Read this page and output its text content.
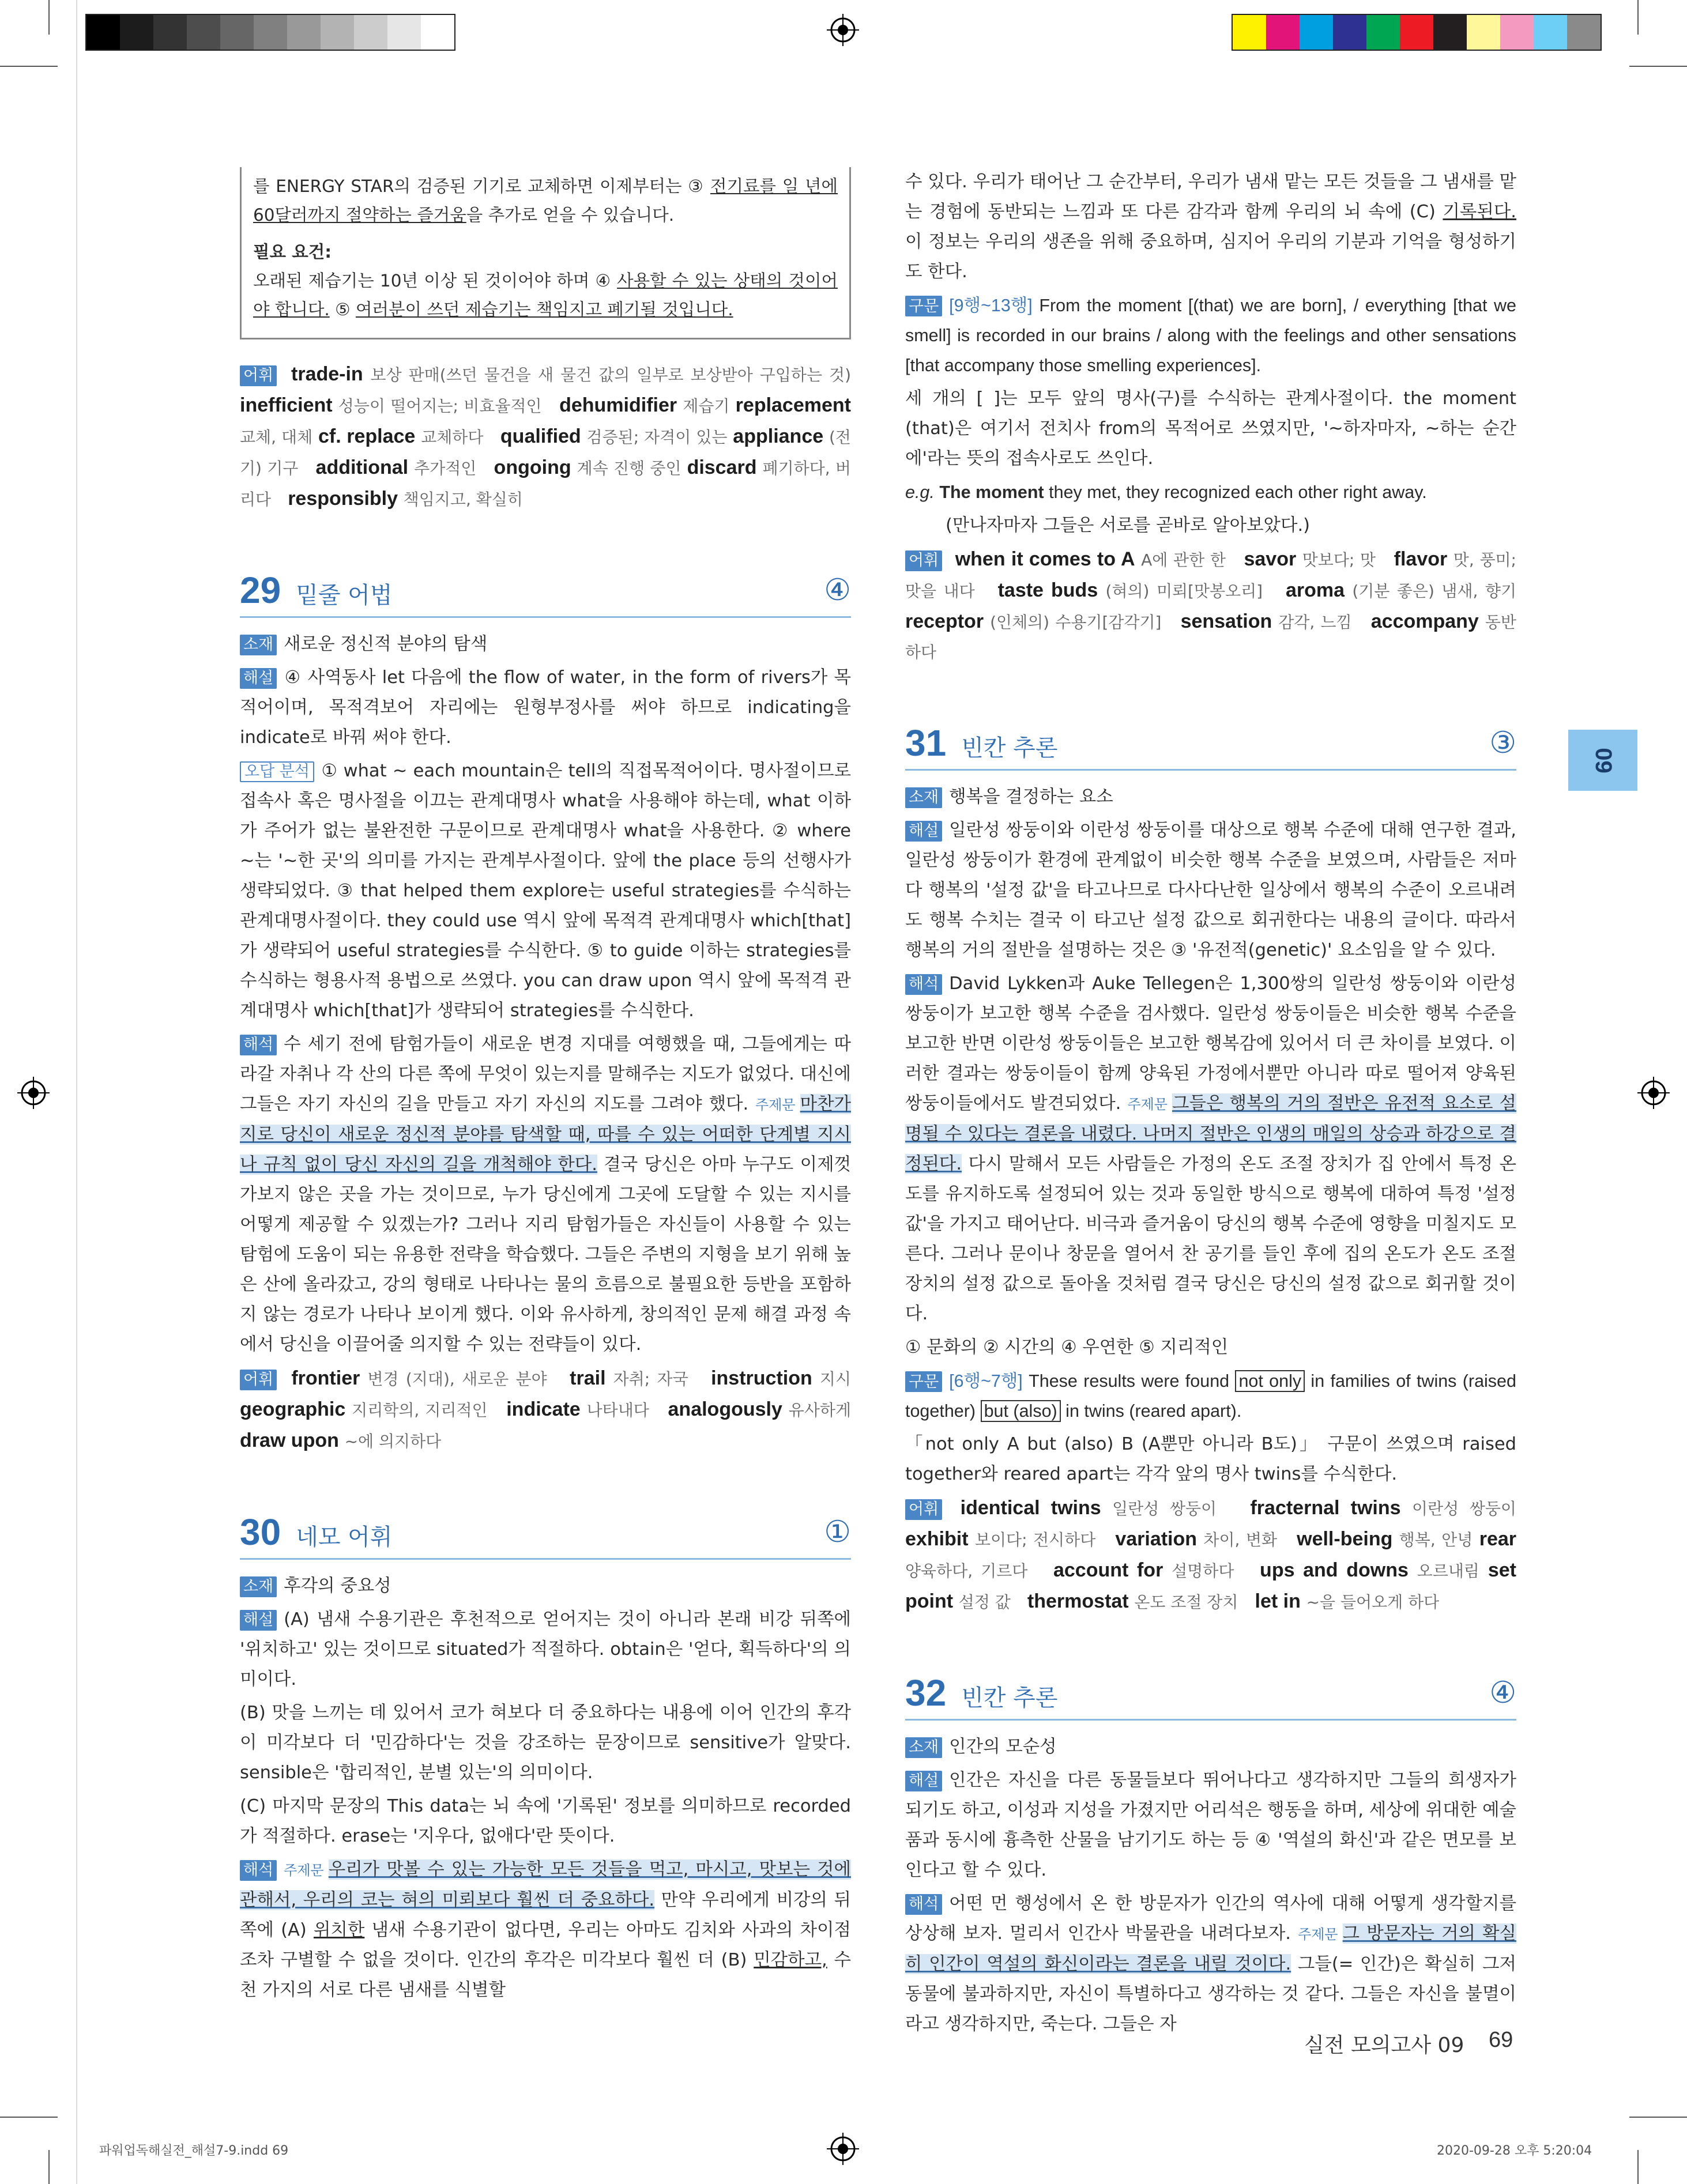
를 ENERGY STAR의 검증된 기기로 교체하면 이제부터는 ③ 전기료를 일 년에 60달러까지 절약하는 즐거움을 추가로 얻을 수 있습니다.
필요 요건:
오래된 제습기는 10년 이상 된 것이어야 하며 ④ 사용할 수 있는 상태의 것이어야 합니다. ⑤ 여러분이 쓰던 제습기는 책임지고 폐기될 것입니다.
어휘 trade-in 보상 판매(쓰던 물건을 새 물건 값의 일부로 보상받아 구입하는 것) inefficient 성능이 떨어지는; 비효율적인 dehumidifier 제습기 replacement 교체, 대체 cf. replace 교체하다 qualified 검증된; 자격이 있는 appliance (전기) 기구 additional 추가적인 ongoing 계속 진행 중인 discard 폐기하다, 버리다 responsibly 책임지고, 확실히
29 밑줄 어법	④
소재 새로운 정신적 분야의 탐색
해설 ④ 사역동사 let 다음에 the flow of water, in the form of rivers가 목적어이며, 목적격보어 자리에는 원형부정사를 써야 하므로 indicating을 indicate로 바꿔 써야 한다.
오답 분석 ① what ~ each mountain은 tell의 직접목적어이다. 명사절이므로 접속사 혹은 명사절을 이끄는 관계대명사 what을 사용해야 하는데, what 이하가 주어가 없는 불완전한 구문이므로 관계대명사 what을 사용한다. ② where ~는 '~한 곳'의 의미를 가지는 관계부사절이다. 앞에 the place 등의 선행사가 생략되었다. ③ that helped them explore는 useful strategies를 수식하는 관계대명사절이다. they could use 역시 앞에 목적격 관계대명사 which[that]가 생략되어 useful strategies를 수식한다. ⑤ to guide 이하는 strategies를 수식하는 형용사적 용법으로 쓰였다. you can draw upon 역시 앞에 목적격 관계대명사 which[that]가 생략되어 strategies를 수식한다.
해석 수 세기 전에 탐험가들이 새로운 변경 지대를 여행했을 때, 그들에게는 따라갈 자취나 각 산의 다른 쪽에 무엇이 있는지를 말해주는 지도가 없었다. 대신에 그들은 자기 자신의 길을 만들고 자기 자신의 지도를 그려야 했다. 주제문 마찬가지로 당신이 새로운 정신적 분야를 탐색할 때, 따를 수 있는 어떠한 단계별 지시나 규칙 없이 당신 자신의 길을 개척해야 한다. 결국 당신은 아마 누구도 이제껏 가보지 않은 곳을 가는 것이므로, 누가 당신에게 그곳에 도달할 수 있는 지시를 어떻게 제공할 수 있겠는가? 그러나 지리 탐험가들은 자신들이 사용할 수 있는 탐험에 도움이 되는 유용한 전략을 학습했다. 그들은 주변의 지형을 보기 위해 높은 산에 올라갔고, 강의 형태로 나타나는 물의 흐름으로 불필요한 등반을 포함하지 않는 경로가 나타나 보이게 했다. 이와 유사하게, 창의적인 문제 해결 과정 속에서 당신을 이끌어줄 의지할 수 있는 전략들이 있다.
어휘 frontier 변경 (지대), 새로운 분야 trail 자취; 자국 instruction 지시 geographic 지리학의, 지리적인 indicate 나타내다 analogously 유사하게 draw upon ~에 의지하다
30 네모 어휘	①
소재 후각의 중요성
해설 (A) 냄새 수용기관은 후천적으로 얻어지는 것이 아니라 본래 비강 뒤쪽에 '위치하고' 있는 것이므로 situated가 적절하다. obtain은 '얻다, 획득하다'의 의미이다.
(B) 맛을 느끼는 데 있어서 코가 혀보다 더 중요하다는 내용에 이어 인간의 후각이 미각보다 더 '민감하다'는 것을 강조하는 문장이므로 sensitive가 알맞다. sensible은 '합리적인, 분별 있는'의 의미이다.
(C) 마지막 문장의 This data는 뇌 속에 '기록된' 정보를 의미하므로 recorded가 적절하다. erase는 '지우다, 없애다'란 뜻이다.
해석 주제문 우리가 맛볼 수 있는 가능한 모든 것들을 먹고, 마시고, 맛보는 것에 관해서, 우리의 코는 혀의 미뢰보다 훨씬 더 중요하다. 만약 우리에게 비강의 뒤쪽에 (A) 위치한 냄새 수용기관이 없다면, 우리는 아마도 김치와 사과의 차이점조차 구별할 수 없을 것이다. 인간의 후각은 미각보다 훨씬 더 (B) 민감하고, 수천 가지의 서로 다른 냄새를 식별할
수 있다. 우리가 태어난 그 순간부터, 우리가 냄새 맡는 모든 것들을 그 냄새를 맡는 경험에 동반되는 느낌과 또 다른 감각과 함께 우리의 뇌 속에 (C) 기록된다. 이 정보는 우리의 생존을 위해 중요하며, 심지어 우리의 기분과 기억을 형성하기도 한다.
구문 [9행~13행] From the moment [(that) we are born], / everything [that we smell] is recorded in our brains / along with the feelings and other sensations [that accompany those smelling experiences].
세 개의 [ ]는 모두 앞의 명사(구)를 수식하는 관계사절이다. the moment (that)은 여기서 전치사 from의 목적어로 쓰였지만, '~하자마자, ~하는 순간에'라는 뜻의 접속사로도 쓰인다.
e.g. The moment they met, they recognized each other right away.
(만나자마자 그들은 서로를 곧바로 알아보았다.)
어휘 when it comes to A A에 관한 한 savor 맛보다; 맛 flavor 맛, 풍미; 맛을 내다 taste buds (혀의) 미뢰[맛봉오리] aroma (기분 좋은) 냄새, 향기 receptor (인체의) 수용기[감각기] sensation 감각, 느낌 accompany 동반하다
31 빈칸 추론	③
소재 행복을 결정하는 요소
해설 일란성 쌍둥이와 이란성 쌍둥이를 대상으로 행복 수준에 대해 연구한 결과, 일란성 쌍둥이가 환경에 관계없이 비슷한 행복 수준을 보였으며, 사람들은 저마다 행복의 '설정 값'을 타고나므로 다사다난한 일상에서 행복의 수준이 오르내려도 행복 수치는 결국 이 타고난 설정 값으로 회귀한다는 내용의 글이다. 따라서 행복의 거의 절반을 설명하는 것은 ③ '유전적(genetic)' 요소임을 알 수 있다.
해석 David Lykken과 Auke Tellegen은 1,300쌍의 일란성 쌍둥이와 이란성 쌍둥이가 보고한 행복 수준을 검사했다. 일란성 쌍둥이들은 비슷한 행복 수준을 보고한 반면 이란성 쌍둥이들은 보고한 행복감에 있어서 더 큰 차이를 보였다. 이러한 결과는 쌍둥이들이 함께 양육된 가정에서뿐만 아니라 따로 떨어져 양육된 쌍둥이들에서도 발견되었다. 주제문 그들은 행복의 거의 절반은 유전적 요소로 설명될 수 있다는 결론을 내렸다. 나머지 절반은 인생의 매일의 상승과 하강으로 결정된다. 다시 말해서 모든 사람들은 가정의 온도 조절 장치가 집 안에서 특정 온도를 유지하도록 설정되어 있는 것과 동일한 방식으로 행복에 대하여 특정 '설정 값'을 가지고 태어난다. 비극과 즐거움이 당신의 행복 수준에 영향을 미칠지도 모른다. 그러나 문이나 창문을 열어서 찬 공기를 들인 후에 집의 온도가 온도 조절 장치의 설정 값으로 돌아올 것처럼 결국 당신은 당신의 설정 값으로 회귀할 것이다.
① 문화의 ② 시간의 ④ 우연한 ⑤ 지리적인
구문 [6행~7행] These results were found not only in families of twins (raised together) but (also) in twins (reared apart).
「not only A but (also) B (A뿐만 아니라 B도)」 구문이 쓰였으며 raised together와 reared apart는 각각 앞의 명사 twins를 수식한다.
어휘 identical twins 일란성 쌍둥이 fracternal twins 이란성 쌍둥이 exhibit 보이다; 전시하다 variation 차이, 변화 well-being 행복, 안녕 rear 양육하다, 기르다 account for 설명하다 ups and downs 오르내림 set point 설정 값 thermostat 온도 조절 장치 let in ~을 들어오게 하다
32 빈칸 추론	④
소재 인간의 모순성
해설 인간은 자신을 다른 동물들보다 뛰어나다고 생각하지만 그들의 희생자가 되기도 하고, 이성과 지성을 가졌지만 어리석은 행동을 하며, 세상에 위대한 예술품과 동시에 흉측한 산물을 남기기도 하는 등 ④ '역설의 화신'과 같은 면모를 보인다고 할 수 있다.
해석 어떤 먼 행성에서 온 한 방문자가 인간의 역사에 대해 어떻게 생각할지를 상상해 보자. 멀리서 인간사 박물관을 내려다보자. 주제문 그 방문자는 거의 확실히 인간이 역설의 화신이라는 결론을 내릴 것이다. 그들(= 인간)은 확실히 그저 동물에 불과하지만, 자신이 특별하다고 생각하는 것 같다. 그들은 자신을 불멸이라고 생각하지만, 죽는다. 그들은 자
09
실전 모의고사 09 69
파워업독해실전_해설7-9.indd 69	2020-09-28 오후 5:20:04
